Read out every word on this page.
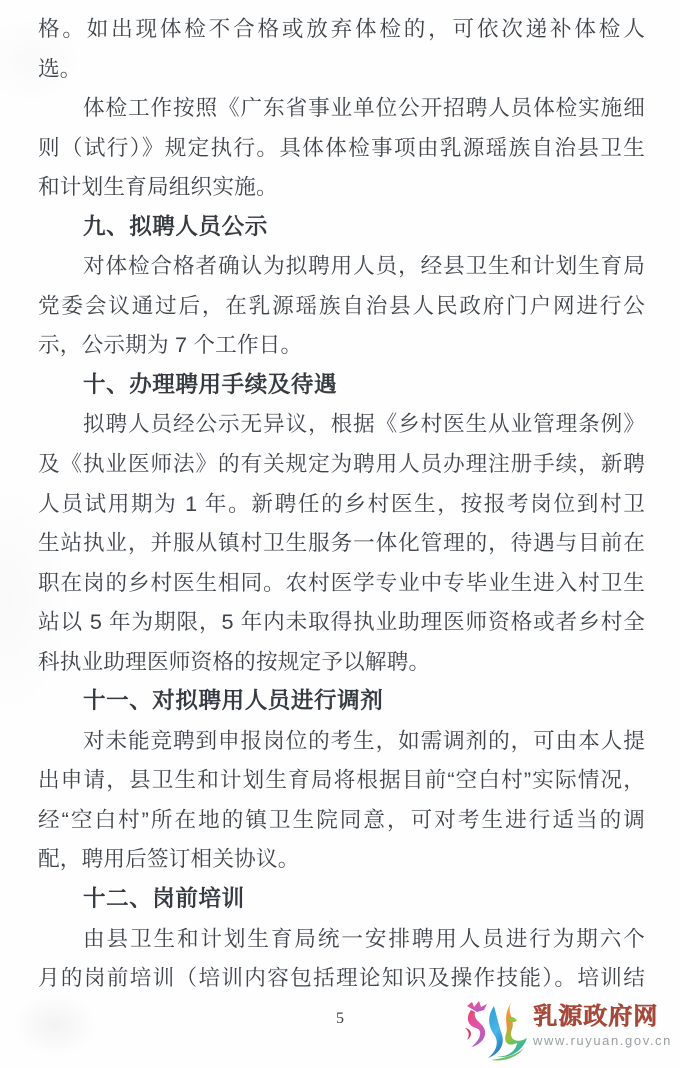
格。如出现体检不合格或放弃体检的，可依次递补体检人
选。
体检工作按照《广东省事业单位公开招聘人员体检实施细
则（试行）》规定执行。具体体检事项由乳源瑶族自治县卫生
和计划生育局组织实施。
九、拟聘人员公示
对体检合格者确认为拟聘用人员，经县卫生和计划生育局
党委会议通过后，在乳源瑶族自治县人民政府门户网进行公
示，公示期为 7 个工作日。
十、办理聘用手续及待遇
拟聘人员经公示无异议，根据《乡村医生从业管理条例》
及《执业医师法》的有关规定为聘用人员办理注册手续，新聘
人员试用期为 1 年。新聘任的乡村医生，按报考岗位到村卫
生站执业，并服从镇村卫生服务一体化管理的，待遇与目前在
职在岗的乡村医生相同。农村医学专业中专毕业生进入村卫生
站以 5 年为期限，5 年内未取得执业助理医师资格或者乡村全
科执业助理医师资格的按规定予以解聘。
十一、对拟聘用人员进行调剂
对未能竞聘到申报岗位的考生，如需调剂的，可由本人提
出申请，县卫生和计划生育局将根据目前“空白村”实际情况，
经“空白村”所在地的镇卫生院同意，可对考生进行适当的调
配，聘用后签订相关协议。
十二、岗前培训
由县卫生和计划生育局统一安排聘用人员进行为期六个
月的岗前培训（培训内容包括理论知识及操作技能）。培训结
5	乳源政府网
www.ruyuan.gov.cn
